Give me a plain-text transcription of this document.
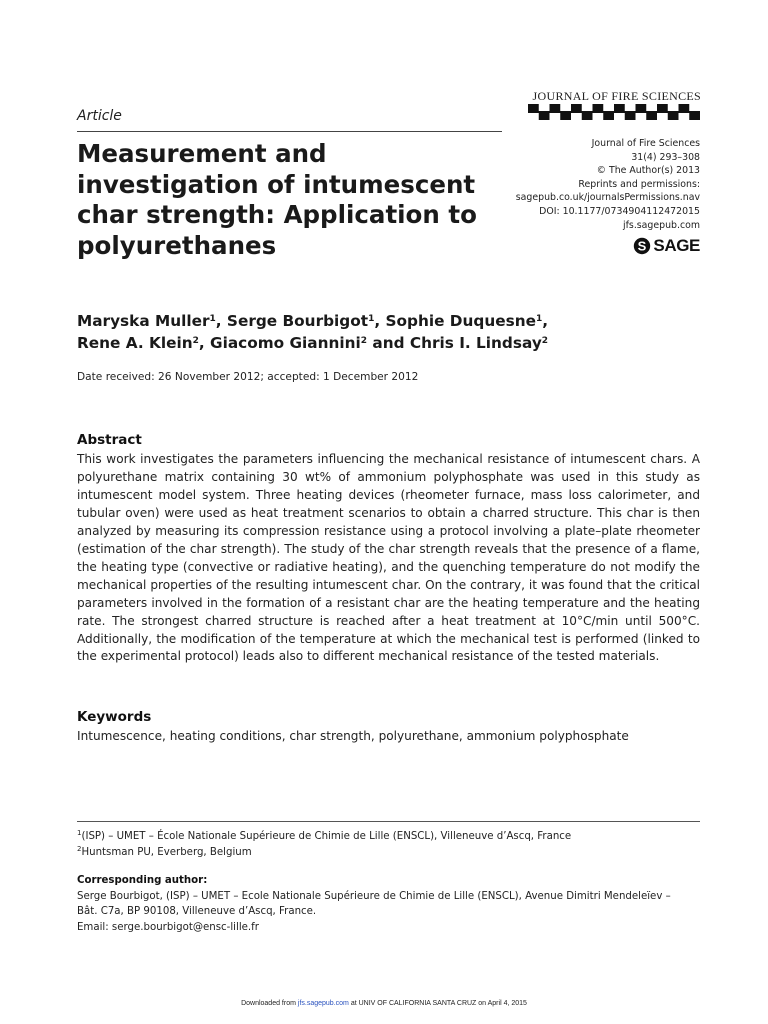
JOURNAL OF FIRE SCIENCES
Article
Measurement and investigation of intumescent char strength: Application to polyurethanes
Journal of Fire Sciences
31(4) 293–308
© The Author(s) 2013
Reprints and permissions:
sagepub.co.uk/journalsPermissions.nav
DOI: 10.1177/0734904112472015
jfs.sagepub.com
S SAGE
Maryska Muller$^1$, Serge Bourbigot$^1$, Sophie Duquesne$^1$,
Rene A. Klein$^2$, Giacomo Giannini$^2$ and Chris I. Lindsay$^2$
Date received: 26 November 2012; accepted: 1 December 2012
Abstract
This work investigates the parameters influencing the mechanical resistance of intumescent chars. A polyurethane matrix containing 30 wt% of ammonium polyphosphate was used in this study as intumescent model system. Three heating devices (rheometer furnace, mass loss calorimeter, and tubular oven) were used as heat treatment scenarios to obtain a charred structure. This char is then analyzed by measuring its compression resistance using a protocol involving a plate–plate rheometer (estimation of the char strength). The study of the char strength reveals that the presence of a flame, the heating type (convective or radiative heating), and the quenching temperature do not modify the mechanical properties of the resulting intumescent char. On the contrary, it was found that the critical parameters involved in the formation of a resistant char are the heating temperature and the heating rate. The strongest charred structure is reached after a heat treatment at 10°C/min until 500°C. Additionally, the modification of the temperature at which the mechanical test is performed (linked to the experimental protocol) leads also to different mechanical resistance of the tested materials.
Keywords
Intumescence, heating conditions, char strength, polyurethane, ammonium polyphosphate
$^1$(ISP) – UMET – École Nationale Supérieure de Chimie de Lille (ENSCL), Villeneuve d’Ascq, France
$^2$Huntsman PU, Everberg, Belgium
Corresponding author:
Serge Bourbigot, (ISP) – UMET – Ecole Nationale Supérieure de Chimie de Lille (ENSCL), Avenue Dimitri Mendeleïev –
Bât. C7a, BP 90108, Villeneuve d’Ascq, France.
Email: serge.bourbigot@ensc-lille.fr
Downloaded from jfs.sagepub.com at UNIV OF CALIFORNIA SANTA CRUZ on April 4, 2015
